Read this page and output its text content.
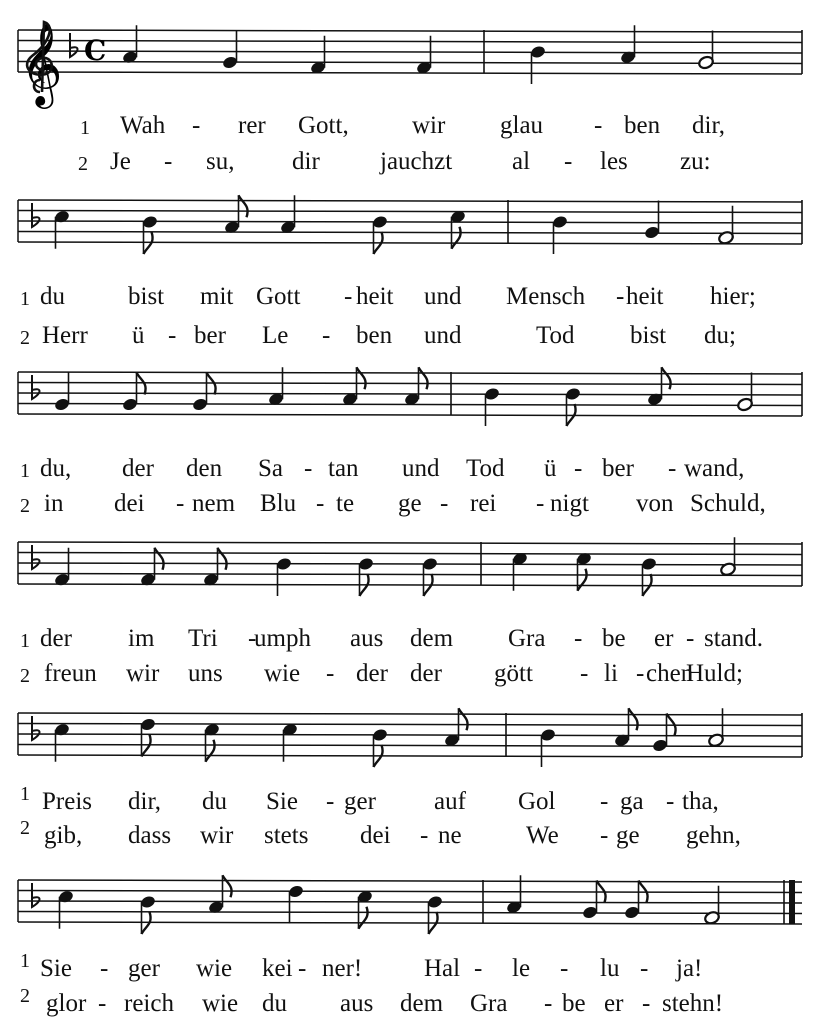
𝄞 C
1 Wah - rer Gott,	wir glau - ben dir,
2 Je - su, dir jauchzt al - les zu:
1 du	bist mit Gott - heit und Mensch - heit hier;
2 Herr ü - ber Le - ben und	Tod bist du;
1 du, der den Sa - tan und Tod ü - ber - wand,
2 in dei - nem Blu - te ge - rei - nigt von Schuld,
1 der im Tri -
umph aus dem Gra - be er - stand.
2 freun wir uns wie - der der gött - li - chen
Huld;
1 Preis dir, du Sie - ger auf Gol - ga - tha,
2 gib, dass wir stets dei - ne	We - ge gehn,
1 Sie - ger wie kei - ner! Hal - le - lu - ja!
2 glor - reich wie du aus dem Gra - be er - stehn!
